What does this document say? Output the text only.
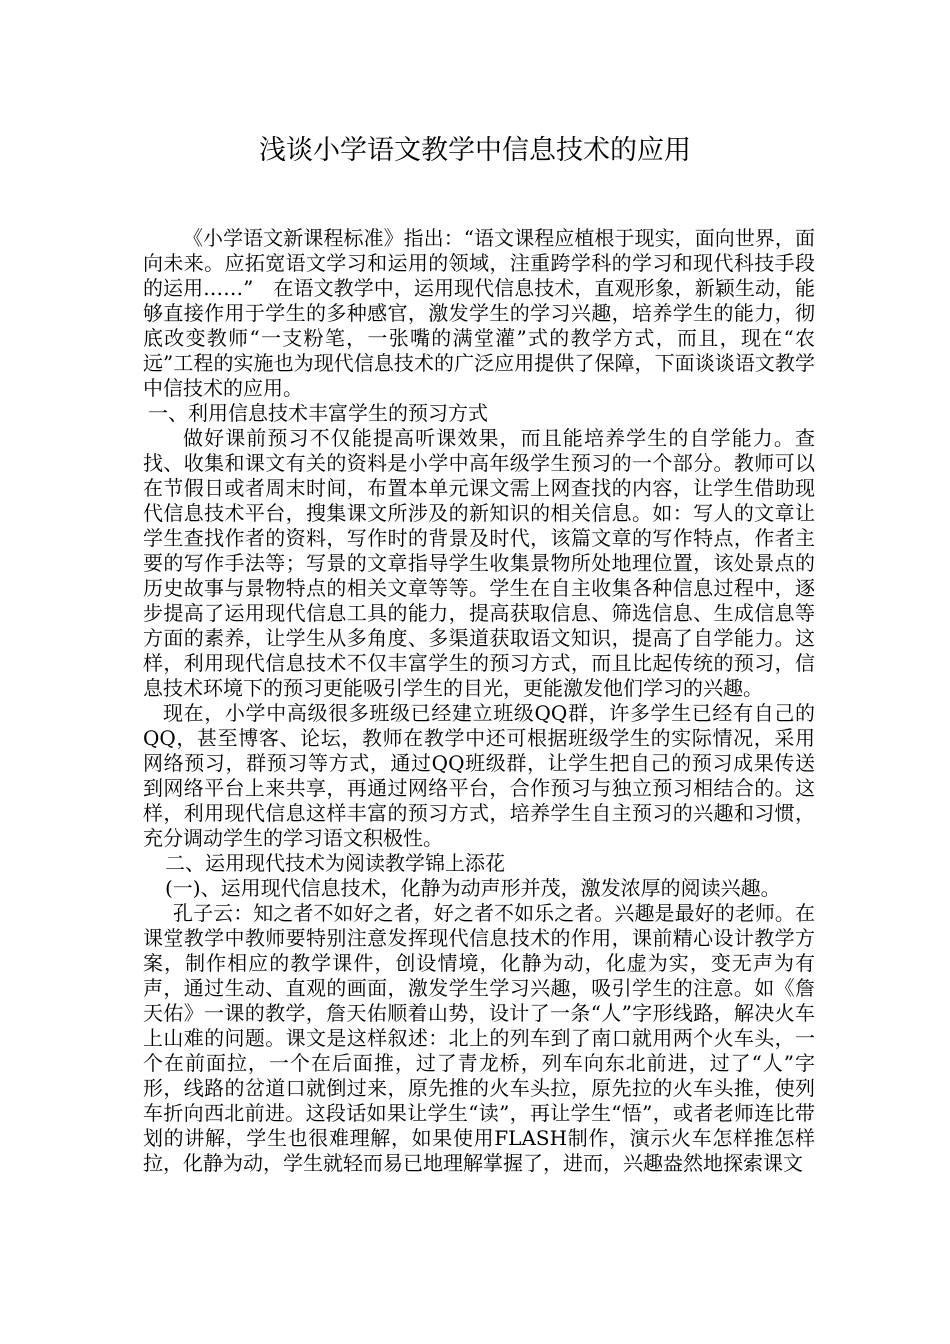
浅谈小学语文教学中信息技术的应用

《小学语文新课程标准》指出：“语文课程应植根于现实，面向世界，面向未来。应拓宽语文学习和运用的领域，注重跨学科的学习和现代科技手段的运用……”　在语文教学中，运用现代信息技术，直观形象，新颖生动，能够直接作用于学生的多种感官，激发学生的学习兴趣，培养学生的能力，彻底改变教师“一支粉笔，一张嘴的满堂灌”式的教学方式，而且，现在“农远”工程的实施也为现代信息技术的广泛应用提供了保障，下面谈谈语文教学中信技术的应用。

一、利用信息技术丰富学生的预习方式

做好课前预习不仅能提高听课效果，而且能培养学生的自学能力。查找、收集和课文有关的资料是小学中高年级学生预习的一个部分。教师可以在节假日或者周末时间，布置本单元课文需上网查找的内容，让学生借助现代信息技术平台，搜集课文所涉及的新知识的相关信息。如：写人的文章让学生查找作者的资料，写作时的背景及时代，该篇文章的写作特点，作者主要的写作手法等；写景的文章指导学生收集景物所处地理位置，该处景点的历史故事与景物特点的相关文章等等。学生在自主收集各种信息过程中，逐步提高了运用现代信息工具的能力，提高获取信息、筛选信息、生成信息等方面的素养，让学生从多角度、多渠道获取语文知识，提高了自学能力。这样，利用现代信息技术不仅丰富学生的预习方式，而且比起传统的预习，信息技术环境下的预习更能吸引学生的目光，更能激发他们学习的兴趣。

现在，小学中高级很多班级已经建立班级QQ群，许多学生已经有自己的QQ，甚至博客、论坛，教师在教学中还可根据班级学生的实际情况，采用网络预习，群预习等方式，通过QQ班级群，让学生把自己的预习成果传送到网络平台上来共享，再通过网络平台，合作预习与独立预习相结合的。这样，利用现代信息这样丰富的预习方式，培养学生自主预习的兴趣和习惯，充分调动学生的学习语文积极性。

二、运用现代技术为阅读教学锦上添花

(一)、运用现代信息技术，化静为动声形并茂，激发浓厚的阅读兴趣。

孔子云：知之者不如好之者，好之者不如乐之者。兴趣是最好的老师。在课堂教学中教师要特别注意发挥现代信息技术的作用，课前精心设计教学方案，制作相应的教学课件，创设情境，化静为动，化虚为实，变无声为有声，通过生动、直观的画面，激发学生学习兴趣，吸引学生的注意。如《詹天佑》一课的教学，詹天佑顺着山势，设计了一条“人”字形线路，解决火车上山难的问题。课文是这样叙述：北上的列车到了南口就用两个火车头，一个在前面拉，一个在后面推，过了青龙桥，列车向东北前进，过了“人”字形，线路的岔道口就倒过来，原先推的火车头拉，原先拉的火车头推，使列车折向西北前进。这段话如果让学生“读”，再让学生“悟”，或者老师连比带划的讲解，学生也很难理解，如果使用FLASH制作，演示火车怎样推怎样拉，化静为动，学生就轻而易已地理解掌握了，进而，兴趣盎然地探索课文
